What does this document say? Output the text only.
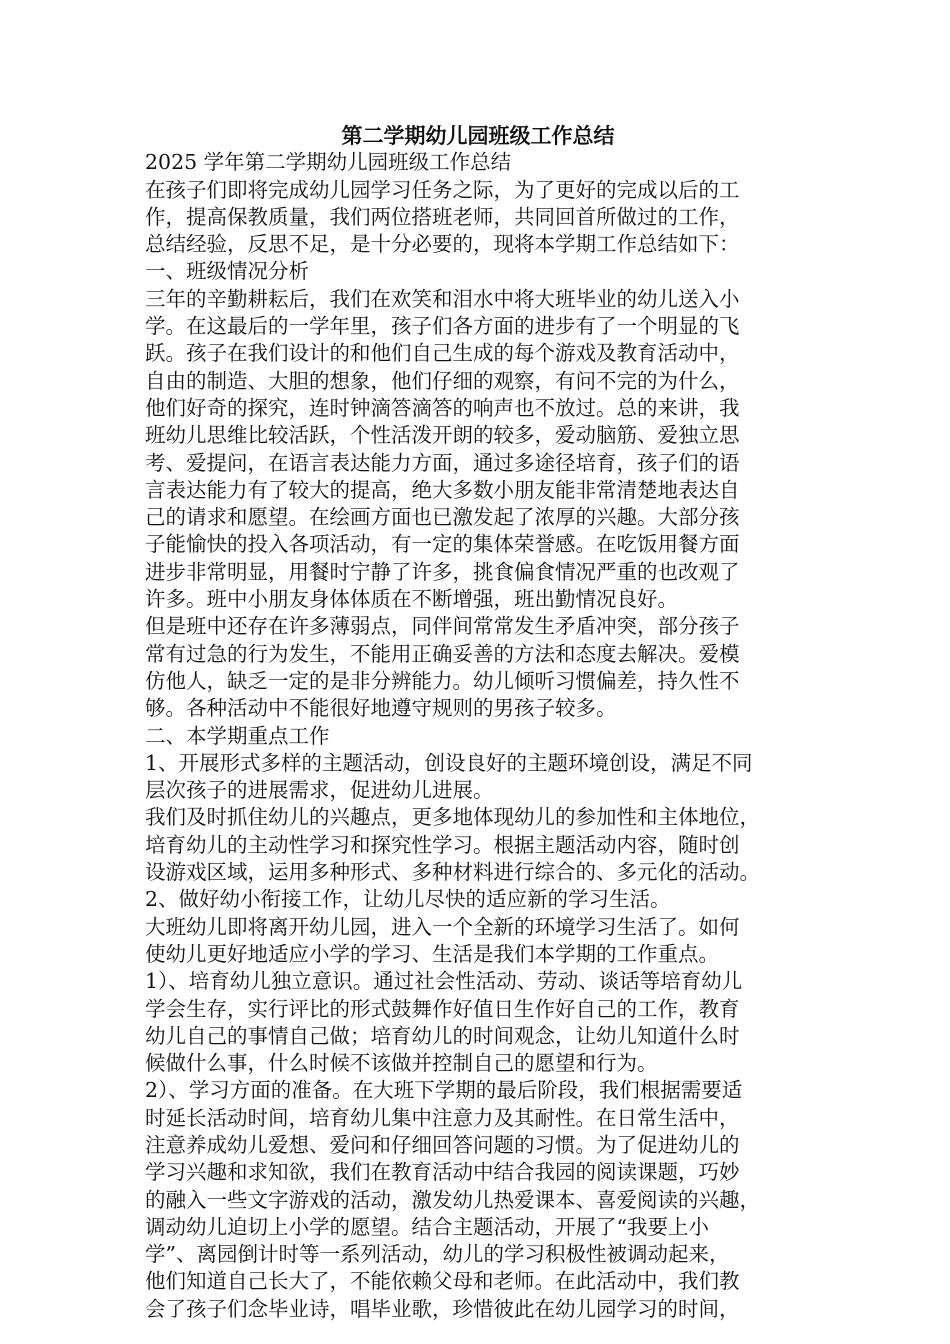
第二学期幼儿园班级工作总结

2025 学年第二学期幼儿园班级工作总结

在孩子们即将完成幼儿园学习任务之际，为了更好的完成以后的工

作，提高保教质量，我们两位搭班老师，共同回首所做过的工作，

总结经验，反思不足，是十分必要的，现将本学期工作总结如下：

一、班级情况分析

三年的辛勤耕耘后，我们在欢笑和泪水中将大班毕业的幼儿送入小

学。在这最后的一学年里，孩子们各方面的进步有了一个明显的飞

跃。孩子在我们设计的和他们自己生成的每个游戏及教育活动中，

自由的制造、大胆的想象，他们仔细的观察，有问不完的为什么，

他们好奇的探究，连时钟滴答滴答的响声也不放过。总的来讲，我

班幼儿思维比较活跃，个性活泼开朗的较多，爱动脑筋、爱独立思

考、爱提问，在语言表达能力方面，通过多途径培育，孩子们的语

言表达能力有了较大的提高，绝大多数小朋友能非常清楚地表达自

己的请求和愿望。在绘画方面也已激发起了浓厚的兴趣。大部分孩

子能愉快的投入各项活动，有一定的集体荣誉感。在吃饭用餐方面

进步非常明显，用餐时宁静了许多，挑食偏食情况严重的也改观了

许多。班中小朋友身体体质在不断增强，班出勤情况良好。

但是班中还存在许多薄弱点，同伴间常常发生矛盾冲突，部分孩子

常有过急的行为发生，不能用正确妥善的方法和态度去解决。爱模

仿他人，缺乏一定的是非分辨能力。幼儿倾听习惯偏差，持久性不

够。各种活动中不能很好地遵守规则的男孩子较多。

二、本学期重点工作

1、开展形式多样的主题活动，创设良好的主题环境创设，满足不同

层次孩子的进展需求，促进幼儿进展。

我们及时抓住幼儿的兴趣点，更多地体现幼儿的参加性和主体地位，

培育幼儿的主动性学习和探究性学习。根据主题活动内容，随时创

设游戏区域，运用多种形式、多种材料进行综合的、多元化的活动。

2、做好幼小衔接工作，让幼儿尽快的适应新的学习生活。

大班幼儿即将离开幼儿园，进入一个全新的环境学习生活了。如何

使幼儿更好地适应小学的学习、生活是我们本学期的工作重点。

1）、培育幼儿独立意识。通过社会性活动、劳动、谈话等培育幼儿

学会生存，实行评比的形式鼓舞作好值日生作好自己的工作，教育

幼儿自己的事情自己做；培育幼儿的时间观念，让幼儿知道什么时

候做什么事，什么时候不该做并控制自己的愿望和行为。

2）、学习方面的准备。在大班下学期的最后阶段，我们根据需要适

时延长活动时间，培育幼儿集中注意力及其耐性。在日常生活中，

注意养成幼儿爱想、爱问和仔细回答问题的习惯。为了促进幼儿的

学习兴趣和求知欲，我们在教育活动中结合我园的阅读课题，巧妙

的融入一些文字游戏的活动，激发幼儿热爱课本、喜爱阅读的兴趣，

调动幼儿迫切上小学的愿望。结合主题活动，开展了“我要上小

学”、离园倒计时等一系列活动，幼儿的学习积极性被调动起来，

他们知道自己长大了，不能依赖父母和老师。在此活动中，我们教

会了孩子们念毕业诗，唱毕业歌，珍惜彼此在幼儿园学习的时间，
